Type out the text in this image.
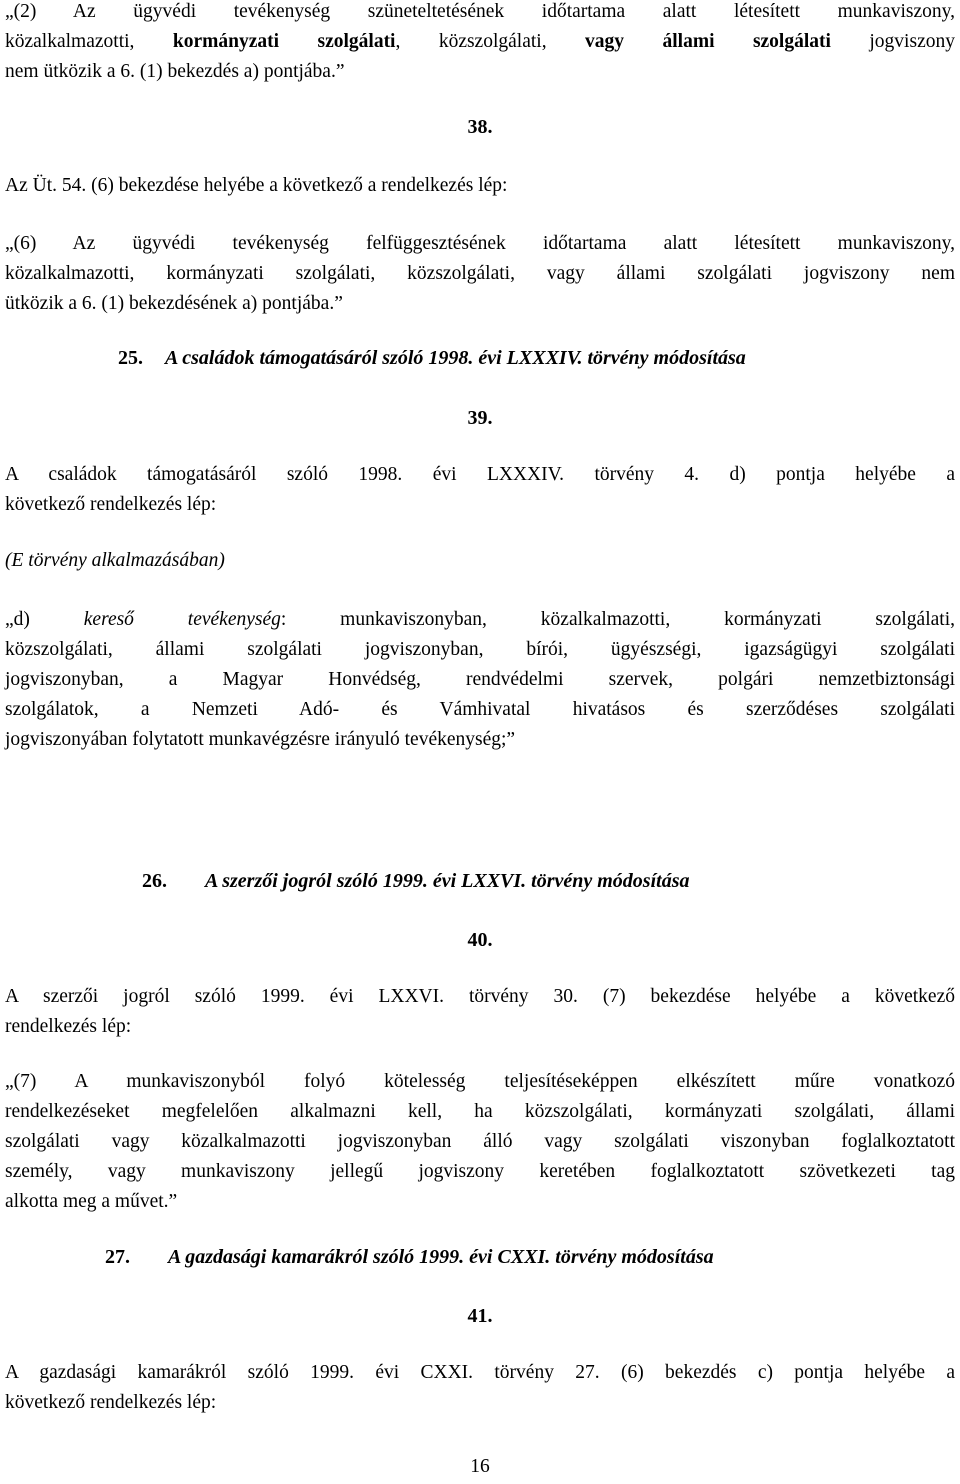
„(2) Az ügyvédi tevékenység szüneteltetésének időtartama alatt létesített munkaviszony,
közalkalmazotti, kormányzati szolgálati, közszolgálati, vagy állami szolgálati jogviszony
nem ütközik a 6. (1) bekezdés a) pontjába.”
38.
Az Üt. 54. (6) bekezdése helyébe a következő a rendelkezés lép:
„(6) Az ügyvédi tevékenység felfüggesztésének időtartama alatt létesített munkaviszony,
közalkalmazotti, kormányzati szolgálati, közszolgálati, vagy állami szolgálati jogviszony nem
ütközik a 6. (1) bekezdésének a) pontjába.”
25. A családok támogatásáról szóló 1998. évi LXXXIV. törvény módosítása
39.
A családok támogatásáról szóló 1998. évi LXXXIV. törvény 4. d) pontja helyébe a
következő rendelkezés lép:
(E törvény alkalmazásában)
„d) kereső tevékenység: munkaviszonyban, közalkalmazotti, kormányzati szolgálati,
közszolgálati, állami szolgálati jogviszonyban, bírói, ügyészségi, igazságügyi szolgálati
jogviszonyban, a Magyar Honvédség, rendvédelmi szervek, polgári nemzetbiztonsági
szolgálatok, a Nemzeti Adó- és Vámhivatal hivatásos és szerződéses szolgálati
jogviszonyában folytatott munkavégzésre irányuló tevékenység;”
26. A szerzői jogról szóló 1999. évi LXXVI. törvény módosítása
40.
A szerzői jogról szóló 1999. évi LXXVI. törvény 30. (7) bekezdése helyébe a következő
rendelkezés lép:
„(7) A munkaviszonyból folyó kötelesség teljesítéseképpen elkészített műre vonatkozó
rendelkezéseket megfelelően alkalmazni kell, ha közszolgálati, kormányzati szolgálati, állami
szolgálati vagy közalkalmazotti jogviszonyban álló vagy szolgálati viszonyban foglalkoztatott
személy, vagy munkaviszony jellegű jogviszony keretében foglalkoztatott szövetkezeti tag
alkotta meg a művet.”
27. A gazdasági kamarákról szóló 1999. évi CXXI. törvény módosítása
41.
A gazdasági kamarákról szóló 1999. évi CXXI. törvény 27. (6) bekezdés c) pontja helyébe a
következő rendelkezés lép:
16
